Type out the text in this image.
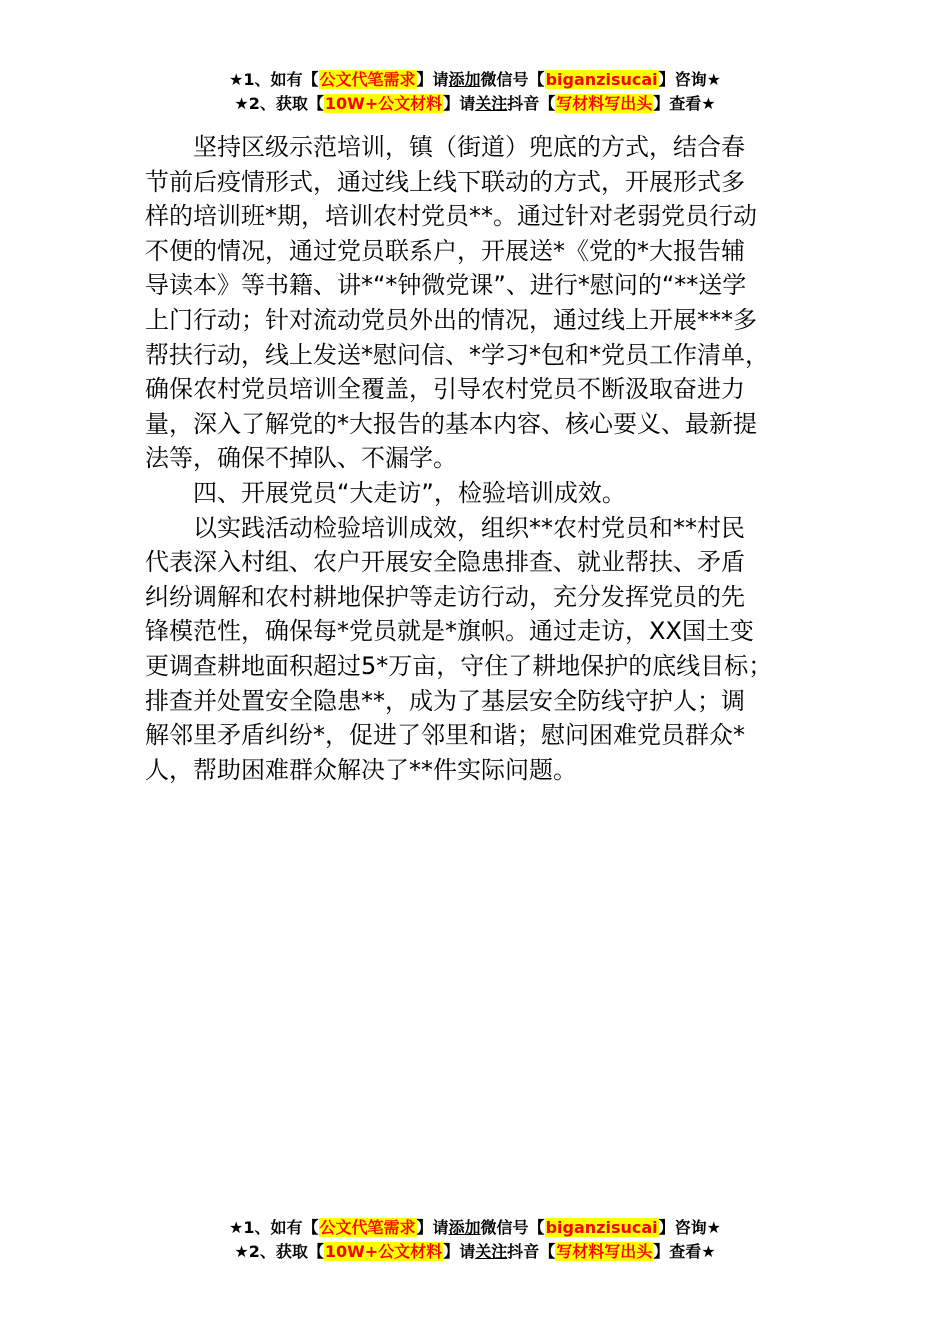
★1、如有【公文代笔需求】请添加微信号【biganzisucai】咨询★
★2、获取【10W+公文材料】请关注抖音【写材料写出头】查看★

坚持区级示范培训，镇（街道）兜底的方式，结合春
节前后疫情形式，通过线上线下联动的方式，开展形式多
样的培训班*期，培训农村党员**。通过针对老弱党员行动
不便的情况，通过党员联系户，开展送*《党的*大报告辅
导读本》等书籍、讲*“*钟微党课”、进行*慰问的“**送学
上门行动；针对流动党员外出的情况，通过线上开展***多
帮扶行动，线上发送*慰问信、*学习*包和*党员工作清单，
确保农村党员培训全覆盖，引导农村党员不断汲取奋进力
量，深入了解党的*大报告的基本内容、核心要义、最新提
法等，确保不掉队、不漏学。

四、开展党员“大走访”，检验培训成效。

以实践活动检验培训成效，组织**农村党员和**村民
代表深入村组、农户开展安全隐患排查、就业帮扶、矛盾
纠纷调解和农村耕地保护等走访行动，充分发挥党员的先
锋模范性，确保每*党员就是*旗帜。通过走访，XX国土变
更调查耕地面积超过5*万亩，守住了耕地保护的底线目标；
排查并处置安全隐患**，成为了基层安全防线守护人；调
解邻里矛盾纠纷*，促进了邻里和谐；慰问困难党员群众*
人，帮助困难群众解决了**件实际问题。

★1、如有【公文代笔需求】请添加微信号【biganzisucai】咨询★
★2、获取【10W+公文材料】请关注抖音【写材料写出头】查看★
